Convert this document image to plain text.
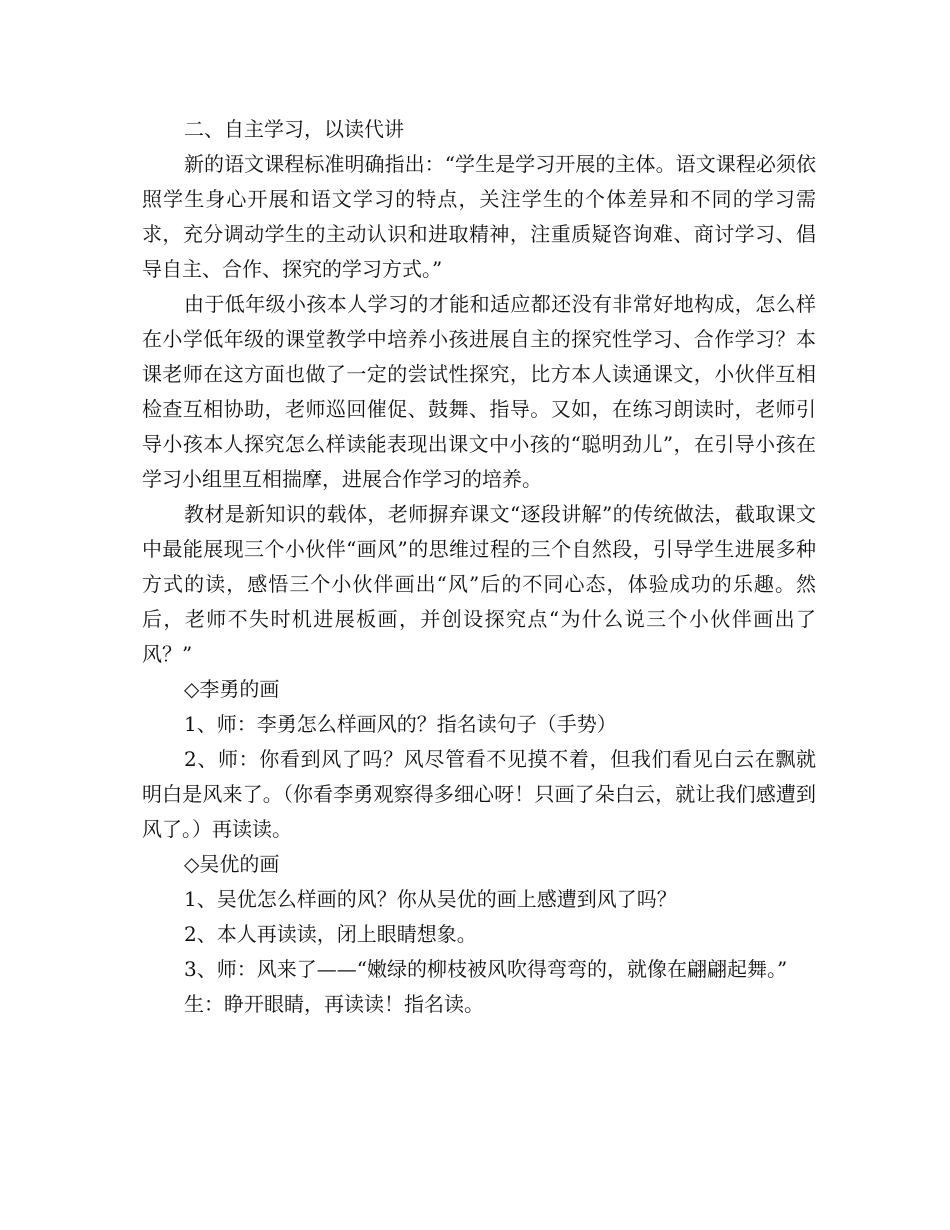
二、自主学习，以读代讲

新的语文课程标准明确指出：“学生是学习开展的主体。语文课程必须依照学生身心开展和语文学习的特点，关注学生的个体差异和不同的学习需求，充分调动学生的主动认识和进取精神，注重质疑咨询难、商讨学习、倡导自主、合作、探究的学习方式。”

由于低年级小孩本人学习的才能和适应都还没有非常好地构成，怎么样在小学低年级的课堂教学中培养小孩进展自主的探究性学习、合作学习？本课老师在这方面也做了一定的尝试性探究，比方本人读通课文，小伙伴互相检查互相协助，老师巡回催促、鼓舞、指导。又如，在练习朗读时，老师引导小孩本人探究怎么样读能表现出课文中小孩的“聪明劲儿”，在引导小孩在学习小组里互相揣摩，进展合作学习的培养。

教材是新知识的载体，老师摒弃课文“逐段讲解”的传统做法，截取课文中最能展现三个小伙伴“画风”的思维过程的三个自然段，引导学生进展多种方式的读，感悟三个小伙伴画出“风”后的不同心态，体验成功的乐趣。然后，老师不失时机进展板画，并创设探究点“为什么说三个小伙伴画出了风？”

◇李勇的画

1、师：李勇怎么样画风的？指名读句子（手势）

2、师：你看到风了吗？风尽管看不见摸不着，但我们看见白云在飘就明白是风来了。（你看李勇观察得多细心呀！只画了朵白云，就让我们感遭到风了。）再读读。

◇吴优的画

1、吴优怎么样画的风？你从吴优的画上感遭到风了吗？

2、本人再读读，闭上眼睛想象。

3、师：风来了——“嫩绿的柳枝被风吹得弯弯的，就像在翩翩起舞。”

生：睁开眼睛，再读读！指名读。
